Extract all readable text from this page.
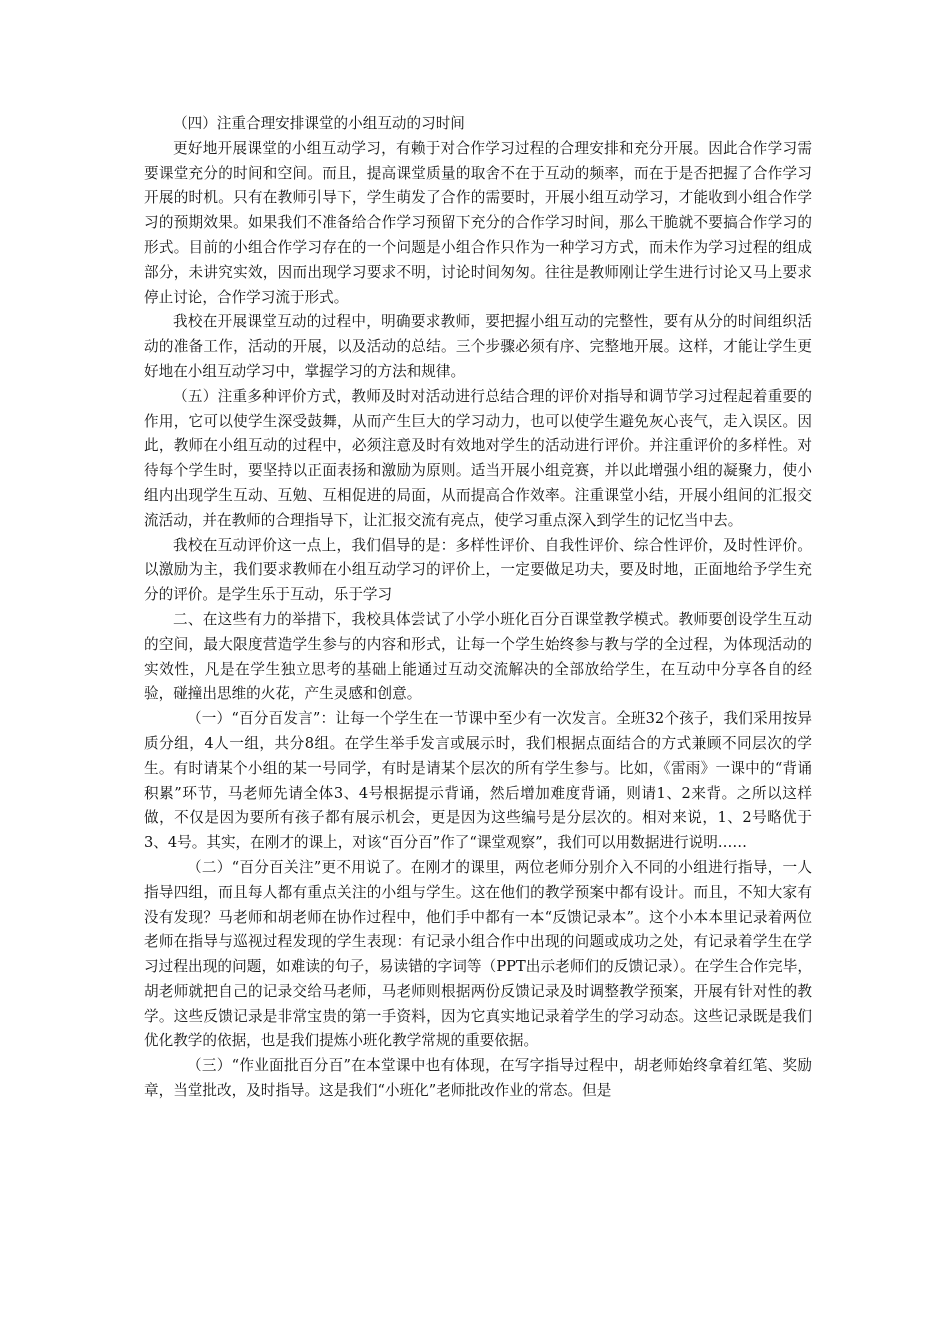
（四）注重合理安排课堂的小组互动的习时间

更好地开展课堂的小组互动学习，有赖于对合作学习过程的合理安排和充分开展。因此合作学习需要课堂充分的时间和空间。而且，提高课堂质量的取舍不在于互动的频率，而在于是否把握了合作学习开展的时机。只有在教师引导下，学生萌发了合作的需要时，开展小组互动学习，才能收到小组合作学习的预期效果。如果我们不准备给合作学习预留下充分的合作学习时间，那么干脆就不要搞合作学习的形式。目前的小组合作学习存在的一个问题是小组合作只作为一种学习方式，而未作为学习过程的组成部分，未讲究实效，因而出现学习要求不明，讨论时间匆匆。往往是教师刚让学生进行讨论又马上要求停止讨论，合作学习流于形式。

我校在开展课堂互动的过程中，明确要求教师，要把握小组互动的完整性，要有从分的时间组织活动的准备工作，活动的开展，以及活动的总结。三个步骤必须有序、完整地开展。这样，才能让学生更好地在小组互动学习中，掌握学习的方法和规律。

（五）注重多种评价方式，教师及时对活动进行总结合理的评价对指导和调节学习过程起着重要的作用，它可以使学生深受鼓舞，从而产生巨大的学习动力，也可以使学生避免灰心丧气，走入误区。因此，教师在小组互动的过程中，必须注意及时有效地对学生的活动进行评价。并注重评价的多样性。对待每个学生时，要坚持以正面表扬和激励为原则。适当开展小组竞赛，并以此增强小组的凝聚力，使小组内出现学生互动、互勉、互相促进的局面，从而提高合作效率。注重课堂小结，开展小组间的汇报交流活动，并在教师的合理指导下，让汇报交流有亮点，使学习重点深入到学生的记忆当中去。

我校在互动评价这一点上，我们倡导的是：多样性评价、自我性评价、综合性评价，及时性评价。以激励为主，我们要求教师在小组互动学习的评价上，一定要做足功夫，要及时地，正面地给予学生充分的评价。是学生乐于互动，乐于学习

二、在这些有力的举措下，我校具体尝试了小学小班化百分百课堂教学模式。教师要创设学生互动的空间，最大限度营造学生参与的内容和形式，让每一个学生始终参与教与学的全过程，为体现活动的实效性，凡是在学生独立思考的基础上能通过互动交流解决的全部放给学生，在互动中分享各自的经验，碰撞出思维的火花，产生灵感和创意。

（一）“百分百发言”：让每一个学生在一节课中至少有一次发言。全班32个孩子，我们采用按异质分组，4人一组，共分8组。在学生举手发言或展示时，我们根据点面结合的方式兼顾不同层次的学生。有时请某个小组的某一号同学，有时是请某个层次的所有学生参与。比如，《雷雨》一课中的“背诵积累”环节，马老师先请全体3、4号根据提示背诵，然后增加难度背诵，则请1、2来背。之所以这样做，不仅是因为要所有孩子都有展示机会，更是因为这些编号是分层次的。相对来说，1、2号略优于3、4号。其实，在刚才的课上，对该“百分百”作了“课堂观察”，我们可以用数据进行说明……

（二）“百分百关注”更不用说了。在刚才的课里，两位老师分别介入不同的小组进行指导，一人指导四组，而且每人都有重点关注的小组与学生。这在他们的教学预案中都有设计。而且，不知大家有没有发现？马老师和胡老师在协作过程中，他们手中都有一本“反馈记录本”。这个小本本里记录着两位老师在指导与巡视过程发现的学生表现：有记录小组合作中出现的问题或成功之处，有记录着学生在学习过程出现的问题，如难读的句子，易读错的字词等（PPT出示老师们的反馈记录）。在学生合作完毕，胡老师就把自己的记录交给马老师，马老师则根据两份反馈记录及时调整教学预案，开展有针对性的教学。这些反馈记录是非常宝贵的第一手资料，因为它真实地记录着学生的学习动态。这些记录既是我们优化教学的依据，也是我们提炼小班化教学常规的重要依据。

（三）“作业面批百分百”在本堂课中也有体现，在写字指导过程中，胡老师始终拿着红笔、奖励章，当堂批改，及时指导。这是我们“小班化”老师批改作业的常态。但是
